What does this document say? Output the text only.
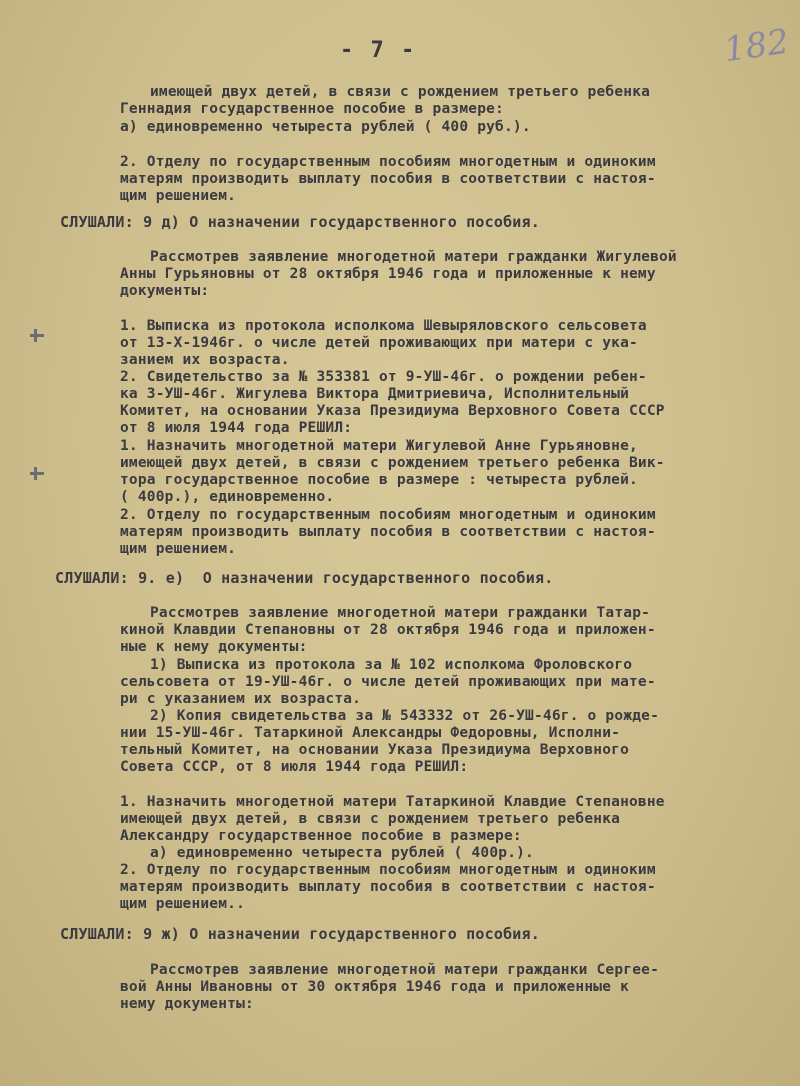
- 7 -	182
имеющей двух детей, в связи с рождением третьего ребенка
Геннадия государственное пособие в размере:
а) единовременно четыреста рублей ( 400 руб.).
2. Отделу по государственным пособиям многодетным и одиноким
матерям производить выплату пособия в соответствии с настоя-
щим решением.
СЛУШАЛИ: 9 д) О назначении государственного пособия.
Рассмотрев заявление многодетной матери гражданки Жигулевой
Анны Гурьяновны от 28 октября 1946 года и приложенные к нему
документы:
1. Выписка из протокола исполкома Шевыряловского сельсовета
от 13-Х-1946г. о числе детей проживающих при матери с ука-
занием их возраста.
2. Свидетельство за № 353381 от 9-УШ-46г. о рождении ребен-
ка 3-УШ-46г. Жигулева Виктора Дмитриевича, Исполнительный
Комитет, на основании Указа Президиума Верховного Совета СССР
от 8 июля 1944 года РЕШИЛ:
1. Назначить многодетной матери Жигулевой Анне Гурьяновне,
имеющей двух детей, в связи с рождением третьего ребенка Вик-
тора государственное пособие в размере : четыреста рублей.
( 400р.), единовременно.
2. Отделу по государственным пособиям многодетным и одиноким
матерям производить выплату пособия в соответствии с настоя-
щим решением.
СЛУШАЛИ: 9. е)  О назначении государственного пособия.
Рассмотрев заявление многодетной матери гражданки Татар-
киной Клавдии Степановны от 28 октября 1946 года и приложен-
ные к нему документы:
1) Выписка из протокола за № 102 исполкома Фроловского
сельсовета от 19-УШ-46г. о числе детей проживающих при мате-
ри с указанием их возраста.
2) Копия свидетельства за № 543332 от 26-УШ-46г. о рожде-
нии 15-УШ-46г. Татаркиной Александры Федоровны, Исполни-
тельный Комитет, на основании Указа Президиума Верховного
Совета СССР, от 8 июля 1944 года РЕШИЛ:
1. Назначить многодетной матери Татаркиной Клавдие Степановне
имеющей двух детей, в связи с рождением третьего ребенка
Александру государственное пособие в размере:
а) единовременно четыреста рублей ( 400р.).
2. Отделу по государственным пособиям многодетным и одиноким
матерям производить выплату пособия в соответствии с настоя-
щим решением..
СЛУШАЛИ: 9 ж) О назначении государственного пособия.
Рассмотрев заявление многодетной матери гражданки Сергее-
вой Анны Ивановны от 30 октября 1946 года и приложенные к
нему документы:
